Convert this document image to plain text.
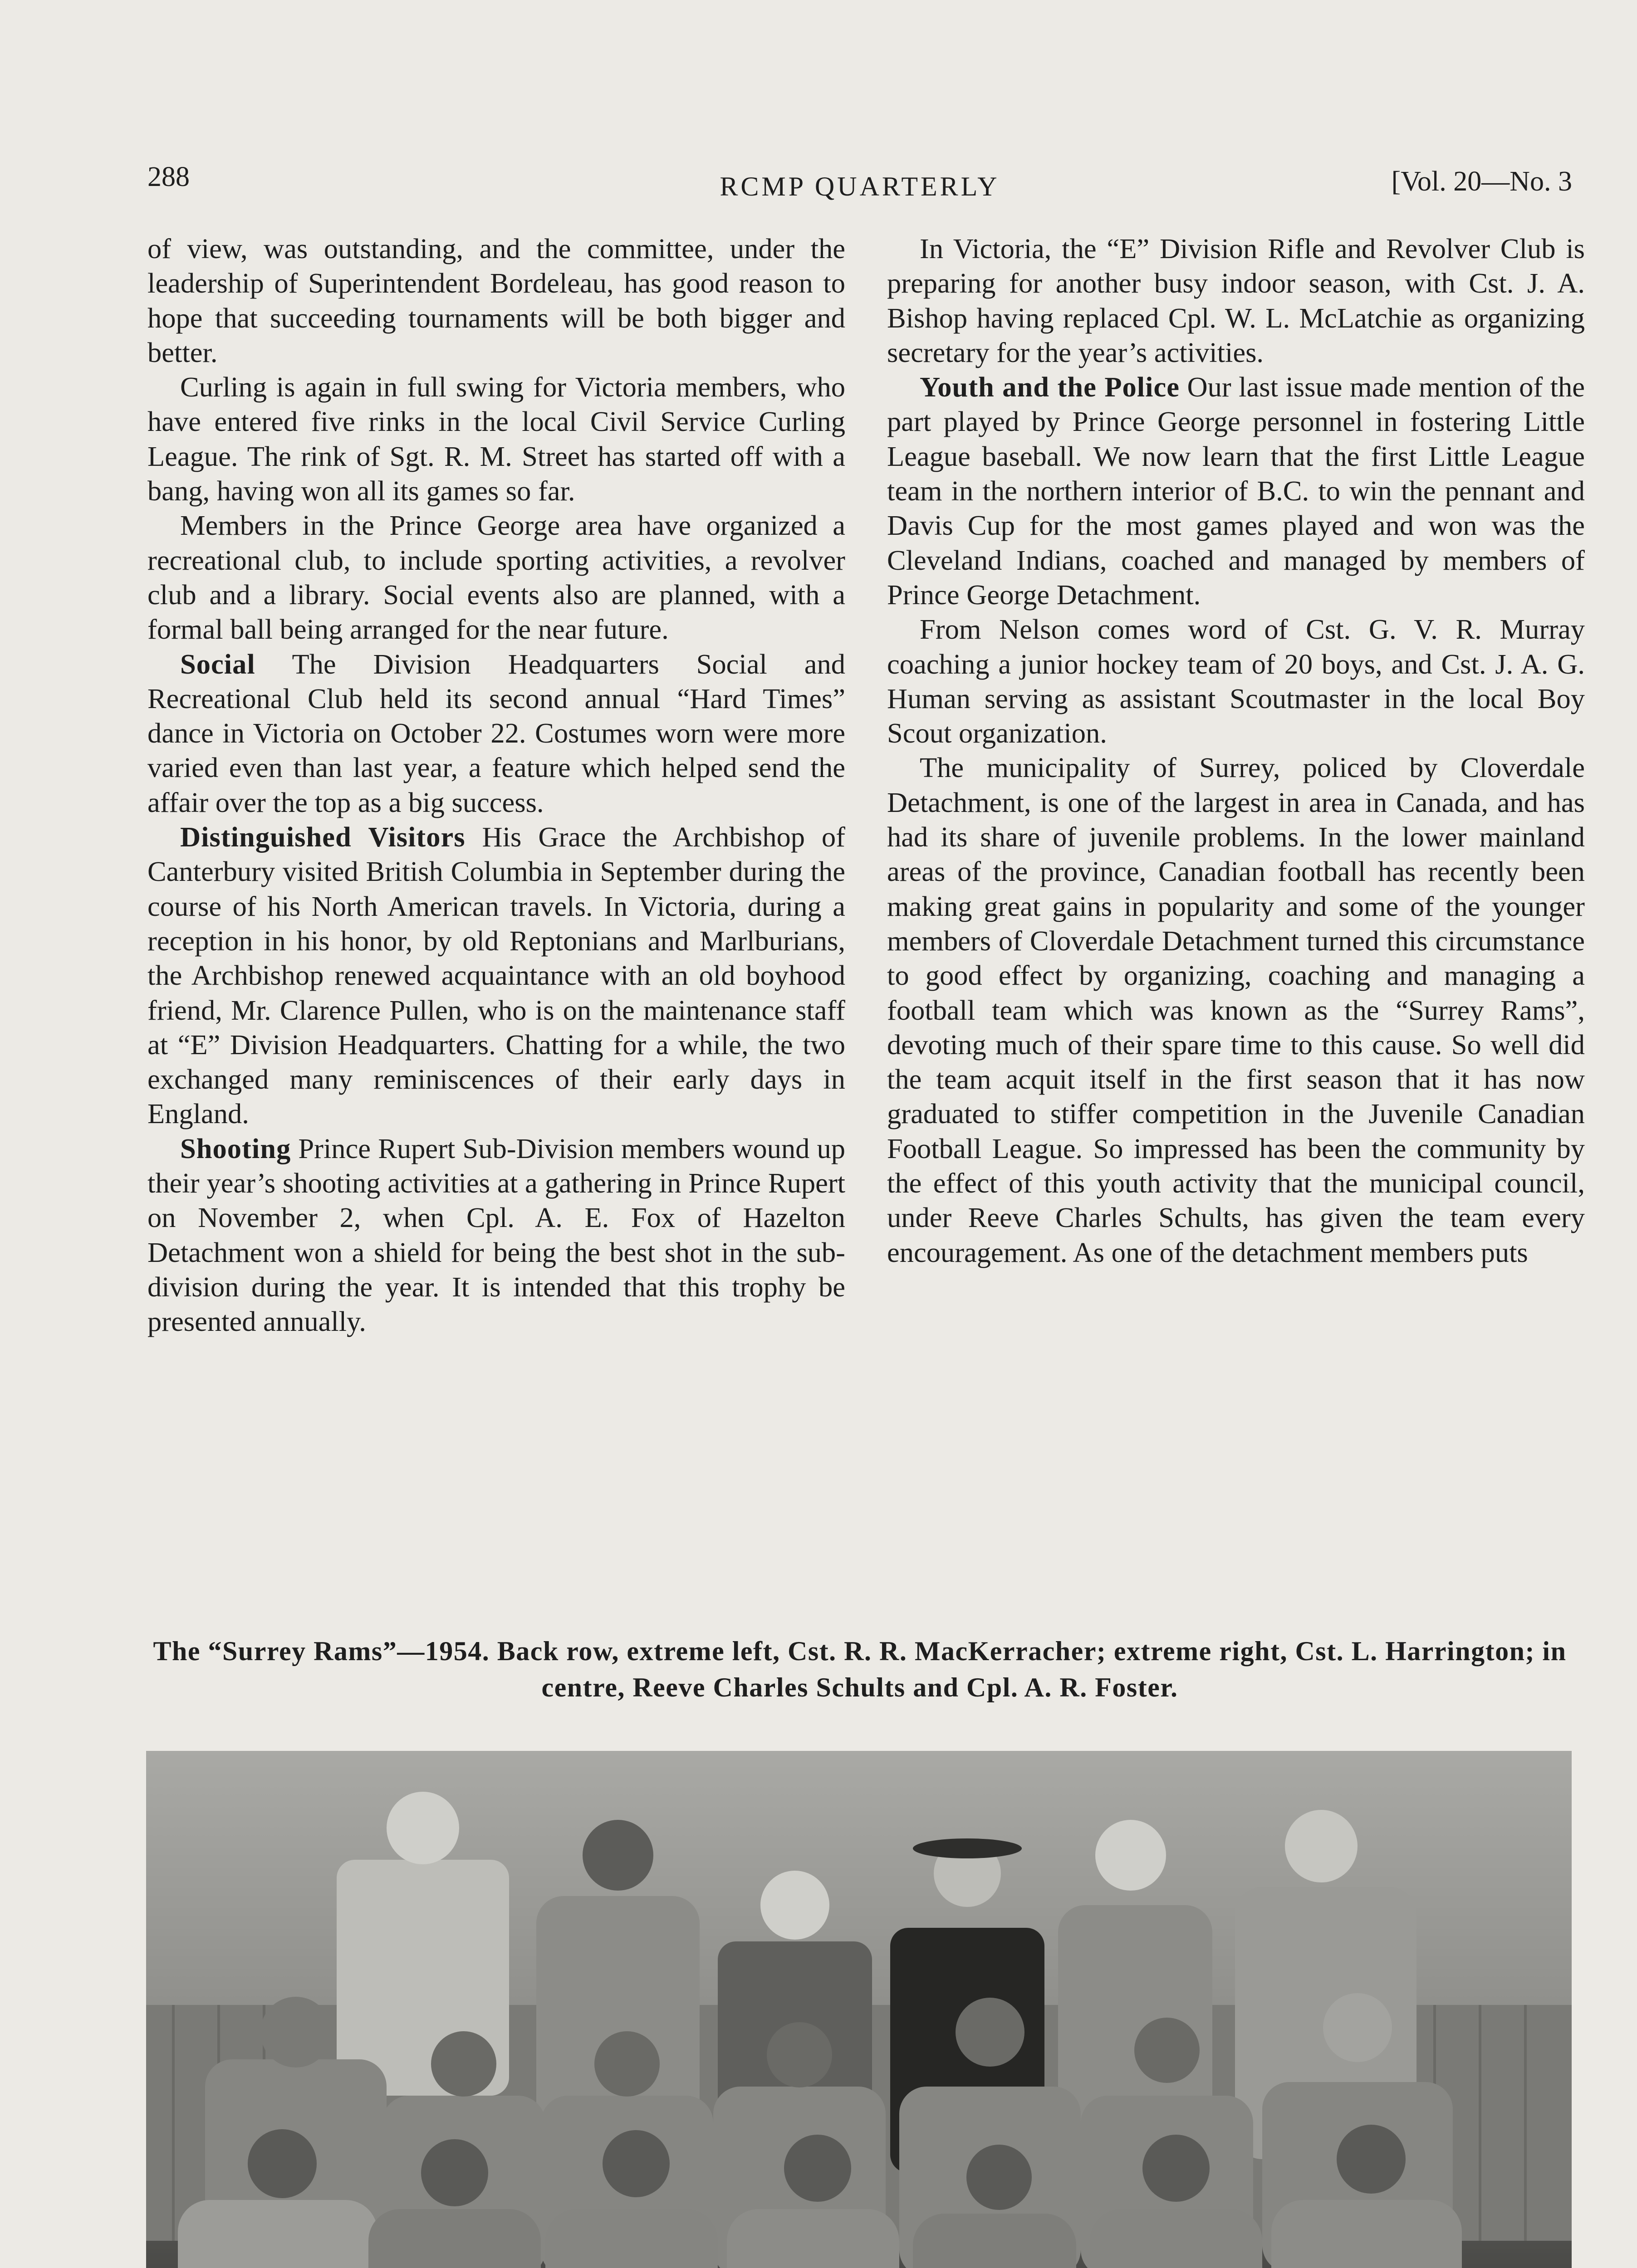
288	RCMP QUARTERLY	[Vol. 20—No. 3

of view, was outstanding, and the committee, under the leadership of Superintendent Bordeleau, has good reason to hope that succeeding tournaments will be both bigger and better.

Curling is again in full swing for Victoria members, who have entered five rinks in the local Civil Service Curling League. The rink of Sgt. R. M. Street has started off with a bang, having won all its games so far.

Members in the Prince George area have organized a recreational club, to include sporting activities, a revolver club and a library. Social events also are planned, with a formal ball being arranged for the near future.

Social The Division Headquarters Social and Recreational Club held its second annual “Hard Times” dance in Victoria on October 22. Costumes worn were more varied even than last year, a feature which helped send the affair over the top as a big success.

Distinguished Visitors His Grace the Archbishop of Canterbury visited British Columbia in September during the course of his North American travels. In Victoria, during a reception in his honor, by old Reptonians and Marlburians, the Archbishop renewed acquaintance with an old boyhood friend, Mr. Clarence Pullen, who is on the maintenance staff at “E” Division Headquarters. Chatting for a while, the two exchanged many reminiscences of their early days in England.

Shooting Prince Rupert Sub-Division members wound up their year’s shooting activities at a gathering in Prince Rupert on November 2, when Cpl. A. E. Fox of Hazelton Detachment won a shield for being the best shot in the sub-division during the year. It is intended that this trophy be presented annually.

In Victoria, the “E” Division Rifle and Revolver Club is preparing for another busy indoor season, with Cst. J. A. Bishop having replaced Cpl. W. L. McLatchie as organizing secretary for the year’s activities.

Youth and the Police Our last issue made mention of the part played by Prince George personnel in fostering Little League baseball. We now learn that the first Little League team in the northern interior of B.C. to win the pennant and Davis Cup for the most games played and won was the Cleveland Indians, coached and managed by members of Prince George Detachment.

From Nelson comes word of Cst. G. V. R. Murray coaching a junior hockey team of 20 boys, and Cst. J. A. G. Human serving as assistant Scoutmaster in the local Boy Scout organization.

The municipality of Surrey, policed by Cloverdale Detachment, is one of the largest in area in Canada, and has had its share of juvenile problems. In the lower mainland areas of the province, Canadian football has recently been making great gains in popularity and some of the younger members of Cloverdale Detachment turned this circumstance to good effect by organizing, coaching and managing a football team which was known as the “Surrey Rams”, devoting much of their spare time to this cause. So well did the team acquit itself in the first season that it has now graduated to stiffer competition in the Juvenile Canadian Football League. So impressed has been the community by the effect of this youth activity that the municipal council, under Reeve Charles Schults, has given the team every encouragement. As one of the detachment members puts

The “Surrey Rams”—1954. Back row, extreme left, Cst. R. R. MacKerracher; extreme right, Cst. L. Harrington; in centre, Reeve Charles Schults and Cpl. A. R. Foster.
